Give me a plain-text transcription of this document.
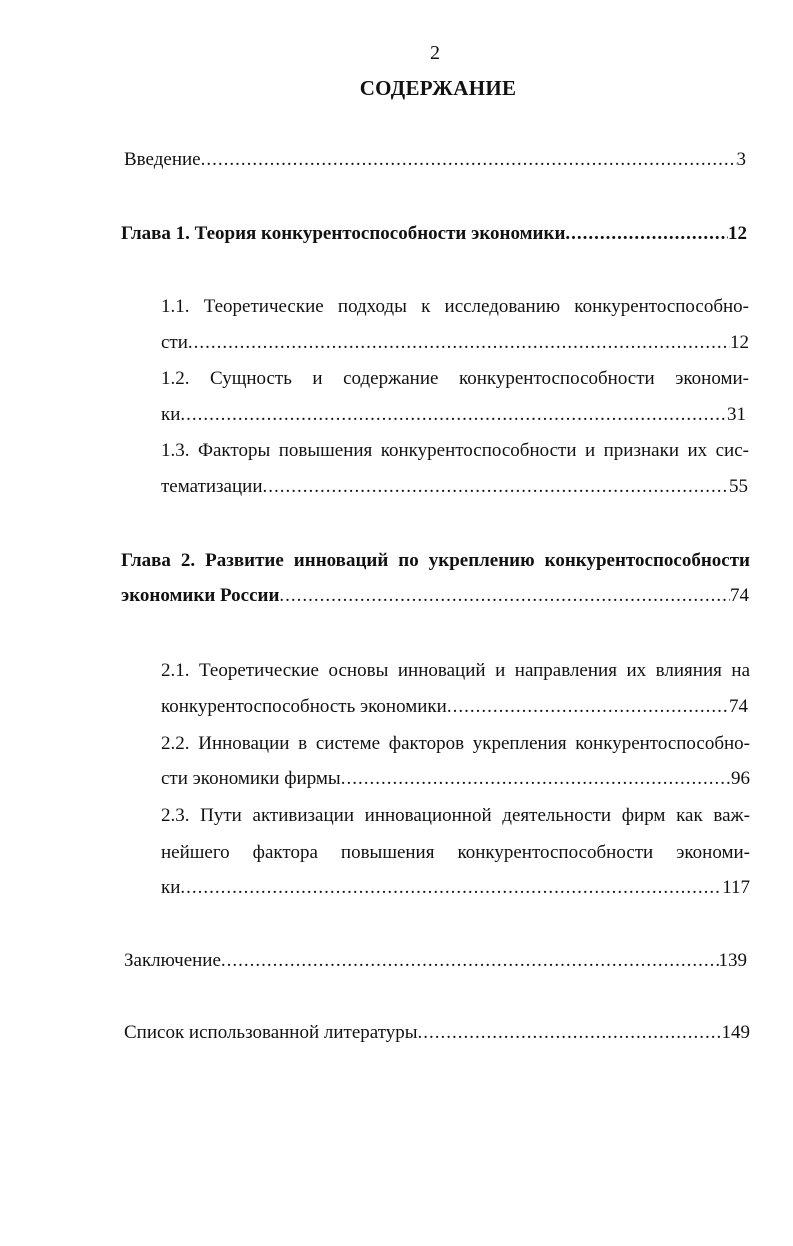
2
СОДЕРЖАНИЕ
Введение .....	3
Глава 1. Теория конкурентоспособности экономики .....	12
1.1. Теоретические подходы к исследованию конкурентоспособно-
сти .....	12
1.2. Сущность и содержание конкурентоспособности экономи-
ки .....	31
1.3. Факторы повышения конкурентоспособности и признаки их сис-
тематизации .....	55
Глава 2. Развитие инноваций по укреплению конкурентоспособности
экономики России .....	74
2.1. Теоретические основы инноваций и направления их влияния на
конкурентоспособность экономики .....	74
2.2. Инновации в системе факторов укрепления конкурентоспособно-
сти экономики фирмы .....	96
2.3. Пути активизации инновационной деятельности фирм как важ-
нейшего фактора повышения конкурентоспособности экономи-
ки .....	117
Заключение .....	139
Список использованной литературы .....	149
